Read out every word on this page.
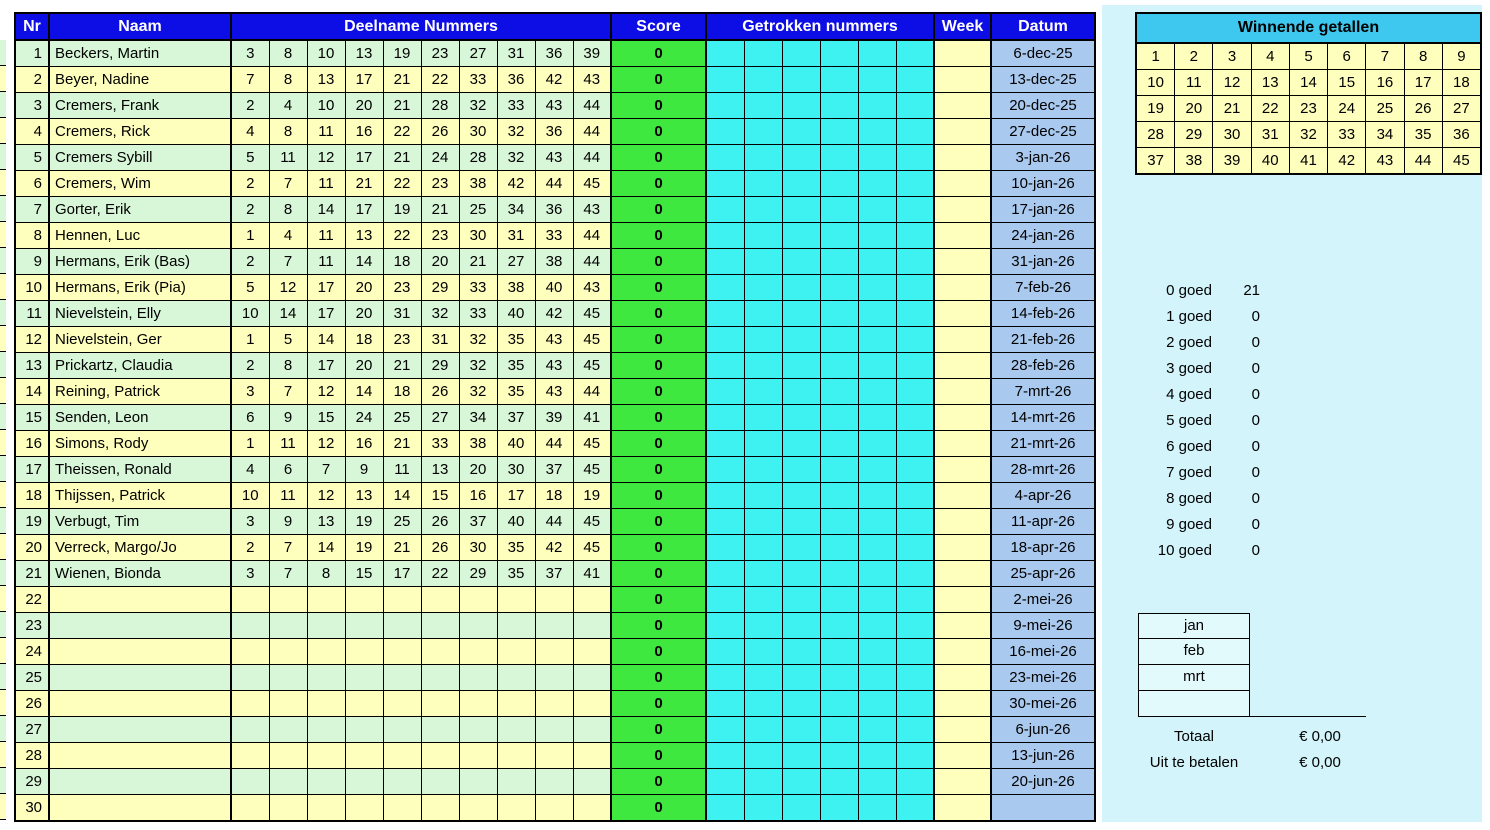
Nr	Naam	Deelname Nummers										Score	Getrokken nummers						Week	Datum
1	Beckers, Martin	3	8	10	13	19	23	27	31	36	39	0								6-dec-25
2	Beyer, Nadine	7	8	13	17	21	22	33	36	42	43	0								13-dec-25
3	Cremers, Frank	2	4	10	20	21	28	32	33	43	44	0								20-dec-25
4	Cremers, Rick	4	8	11	16	22	26	30	32	36	44	0								27-dec-25
5	Cremers Sybill	5	11	12	17	21	24	28	32	43	44	0								3-jan-26
6	Cremers, Wim	2	7	11	21	22	23	38	42	44	45	0								10-jan-26
7	Gorter, Erik	2	8	14	17	19	21	25	34	36	43	0								17-jan-26
8	Hennen, Luc	1	4	11	13	22	23	30	31	33	44	0								24-jan-26
9	Hermans, Erik (Bas)	2	7	11	14	18	20	21	27	38	44	0								31-jan-26
10	Hermans, Erik (Pia)	5	12	17	20	23	29	33	38	40	43	0								7-feb-26
11	Nievelstein, Elly	10	14	17	20	31	32	33	40	42	45	0								14-feb-26
12	Nievelstein, Ger	1	5	14	18	23	31	32	35	43	45	0								21-feb-26
13	Prickartz, Claudia	2	8	17	20	21	29	32	35	43	45	0								28-feb-26
14	Reining, Patrick	3	7	12	14	18	26	32	35	43	44	0								7-mrt-26
15	Senden, Leon	6	9	15	24	25	27	34	37	39	41	0								14-mrt-26
16	Simons, Rody	1	11	12	16	21	33	38	40	44	45	0								21-mrt-26
17	Theissen, Ronald	4	6	7	9	11	13	20	30	37	45	0								28-mrt-26
18	Thijssen, Patrick	10	11	12	13	14	15	16	17	18	19	0								4-apr-26
19	Verbugt, Tim	3	9	13	19	25	26	37	40	44	45	0								11-apr-26
20	Verreck, Margo/Jo	2	7	14	19	21	26	30	35	42	45	0								18-apr-26
21	Wienen, Bionda	3	7	8	15	17	22	29	35	37	41	0								25-apr-26
22												0								2-mei-26
23												0								9-mei-26
24												0								16-mei-26
25												0								23-mei-26
26												0								30-mei-26
27												0								6-jun-26
28												0								13-jun-26
29												0								20-jun-26
30												0								
Winnende getallen								
1	2	3	4	5	6	7	8	9
10	11	12	13	14	15	16	17	18
19	20	21	22	23	24	25	26	27
28	29	30	31	32	33	34	35	36
37	38	39	40	41	42	43	44	45
0 goed	21
1 goed	0
2 goed	0
3 goed	0
4 goed	0
5 goed	0
6 goed	0
7 goed	0
8 goed	0
9 goed	0
10 goed	0
jan
feb
mrt
Totaal	€ 0,00
Uit te betalen	€ 0,00
